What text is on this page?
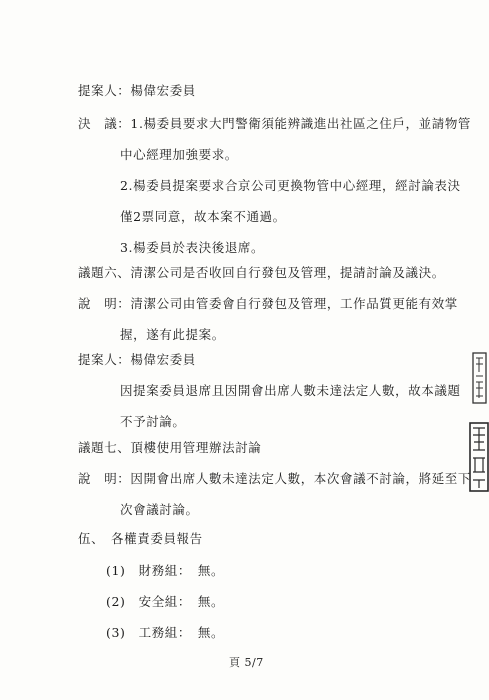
提案人：楊偉宏委員
決　議：1.楊委員要求大門警衛須能辨識進出社區之住戶，並請物管
中心經理加強要求。
2.楊委員提案要求合京公司更換物管中心經理，經討論表決
僅2票同意，故本案不通過。
3.楊委員於表決後退席。
議題六、清潔公司是否收回自行發包及管理，提請討論及議決。
說　明：清潔公司由管委會自行發包及管理，工作品質更能有效掌
握，遂有此提案。
提案人：楊偉宏委員
因提案委員退席且因開會出席人數未達法定人數，故本議題
不予討論。
議題七、頂樓使用管理辦法討論
說　明：因開會出席人數未達法定人數，本次會議不討論，將延至下
次會議討論。
伍、　各權責委員報告
(1)　財務組：　無。
(2)　安全組：　無。
(3)　工務組：　無。
頁 5/7
